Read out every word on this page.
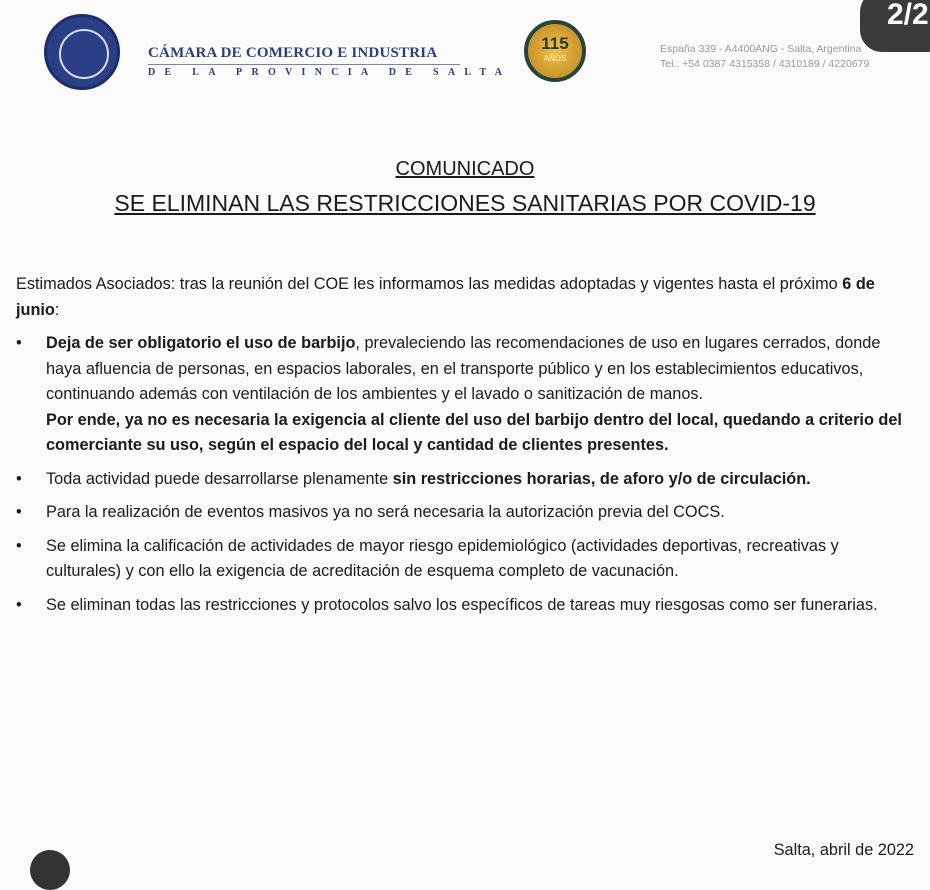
CÁMARA DE COMERCIO E INDUSTRIA
DE LA PROVINCIA DE SALTA
115
AÑOS
España 339 - A4400ANG - Salta, Argentina
Tel.: +54 0387 4315358 / 4310189 / 4220679
2/2
COMUNICADO
SE ELIMINAN LAS RESTRICCIONES SANITARIAS POR COVID-19

Estimados Asociados: tras la reunión del COE les informamos las medidas adoptadas y vigentes hasta el próximo 6 de junio:

• Deja de ser obligatorio el uso de barbijo, prevaleciendo las recomendaciones de uso en lugares cerrados, donde haya afluencia de personas, en espacios laborales, en el transporte público y en los establecimientos educativos, continuando además con ventilación de los ambientes y el lavado o sanitización de manos.
Por ende, ya no es necesaria la exigencia al cliente del uso del barbijo dentro del local, quedando a criterio del comerciante su uso, según el espacio del local y cantidad de clientes presentes.
• Toda actividad puede desarrollarse plenamente sin restricciones horarias, de aforo y/o de circulación.
• Para la realización de eventos masivos ya no será necesaria la autorización previa del COCS.
• Se elimina la calificación de actividades de mayor riesgo epidemiológico (actividades deportivas, recreativas y culturales) y con ello la exigencia de acreditación de esquema completo de vacunación.
• Se eliminan todas las restricciones y protocolos salvo los específicos de tareas muy riesgosas como ser funerarias.
Salta, abril de 2022
